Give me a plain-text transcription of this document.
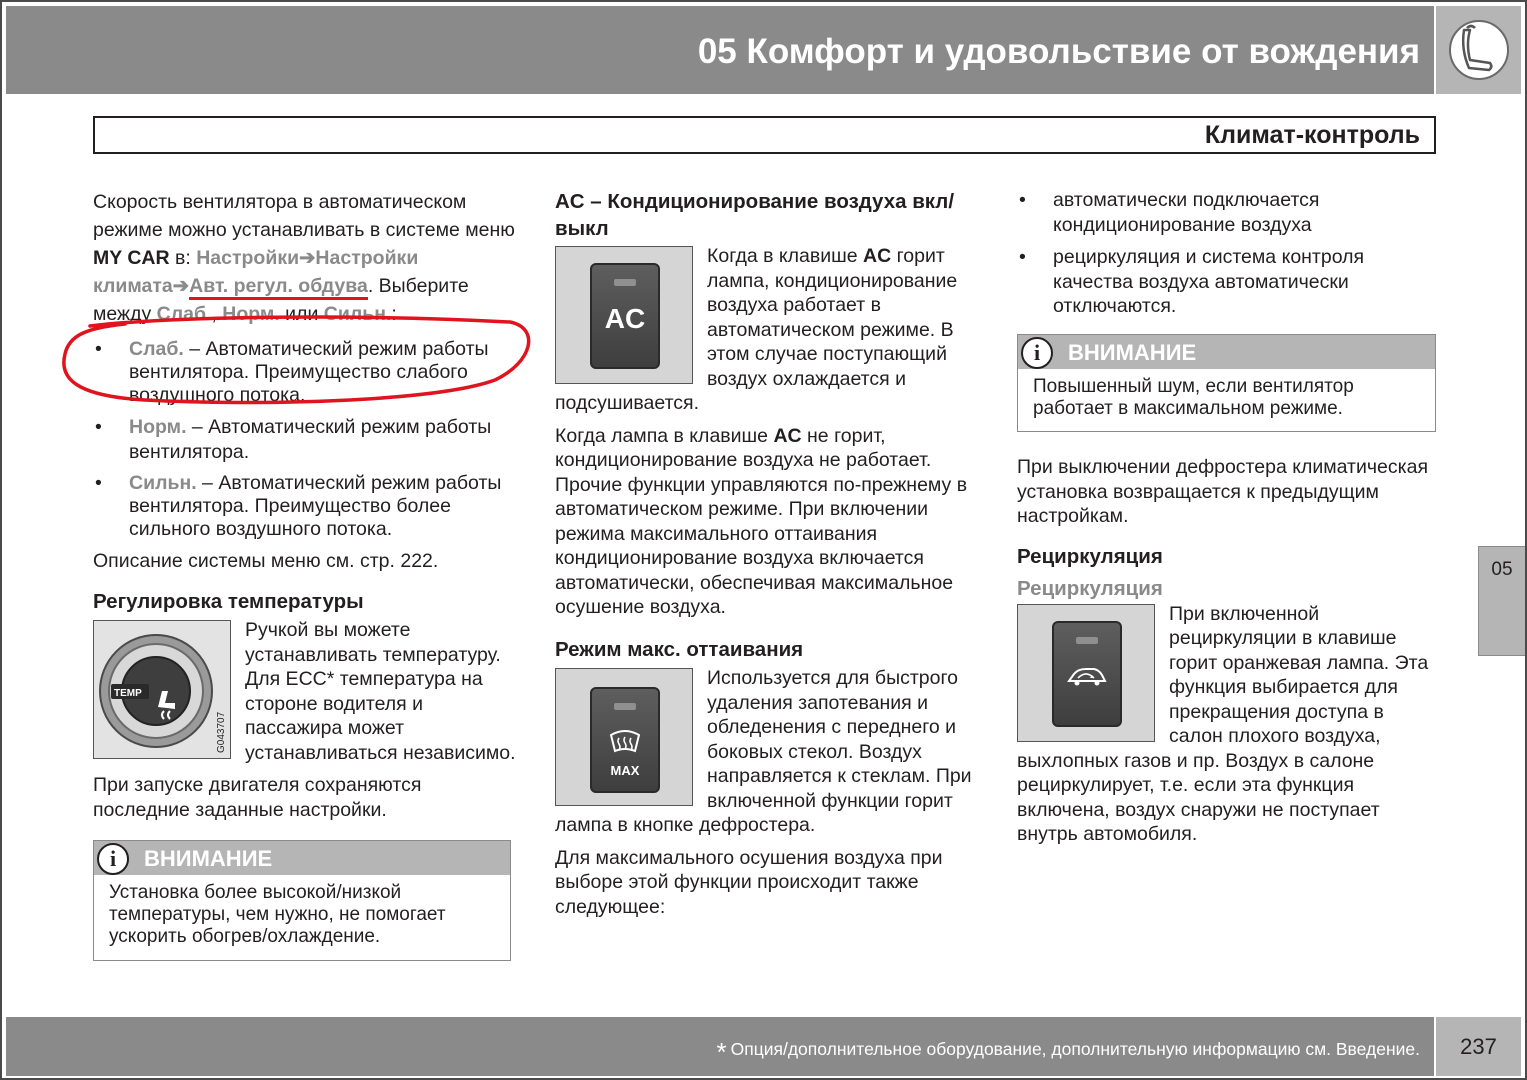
05 Комфорт и удовольствие от вождения
Климат-контроль
05

Скорость вентилятора в автоматическом режиме можно устанавливать в системе меню MY CAR в: Настройки➔Настройки климата➔Авт. регул. обдува. Выберите между Слаб., Норм. или Сильн.:

• Слаб. – Автоматический режим работы вентилятора. Преимущество слабого воздушного потока.
• Норм. – Автоматический режим работы вентилятора.
• Сильн. – Автоматический режим работы вентилятора. Преимущество более сильного воздушного потока.

Описание системы меню см. стр. 222.

Регулировка температуры
TEMP
G043707
Ручкой вы можете устанавливать температуру. Для ECC* температура на стороне водителя и пассажира может устанавливаться независимо.

При запуске двигателя сохраняются последние заданные настройки.

i	ВНИМАНИЕ
Установка более высокой/низкой температуры, чем нужно, не помогает ускорить обогрев/охлаждение.
AC – Кондиционирование воздуха вкл/выкл
AC
Когда в клавише AC горит лампа, кондиционирование воздуха работает в автоматическом режиме. В этом случае поступающий воздух охлаждается и подсушивается.

Когда лампа в клавише AC не горит, кондиционирование воздуха не работает. Прочие функции управляются по-прежнему в автоматическом режиме. При включении режима максимального оттаивания кондиционирование воздуха включается автоматически, обеспечивая максимальное осушение воздуха.

Режим макс. оттаивания
MAX
Используется для быстрого удаления запотевания и обледенения с переднего и боковых стекол. Воздух направляется к стеклам. При включенной функции горит лампа в кнопке дефростера.

Для максимального осушения воздуха при выборе этой функции происходит также следующее:

• автоматически подключается кондиционирование воздуха
• рециркуляция и система контроля качества воздуха автоматически отключаются.
i	ВНИМАНИЕ
Повышенный шум, если вентилятор работает в максимальном режиме.

При выключении дефростера климатическая установка возвращается к предыдущим настройкам.

Рециркуляция
Рециркуляция
При включенной рециркуляции в клавише горит оранжевая лампа. Эта функция выбирается для прекращения доступа в салон плохого воздуха, выхлопных газов и пр. Воздух в салоне рециркулирует, т.е. если эта функция включена, воздух снаружи не поступает внутрь автомобиля.
* Опция/дополнительное оборудование, дополнительную информацию см. Введение.	237
